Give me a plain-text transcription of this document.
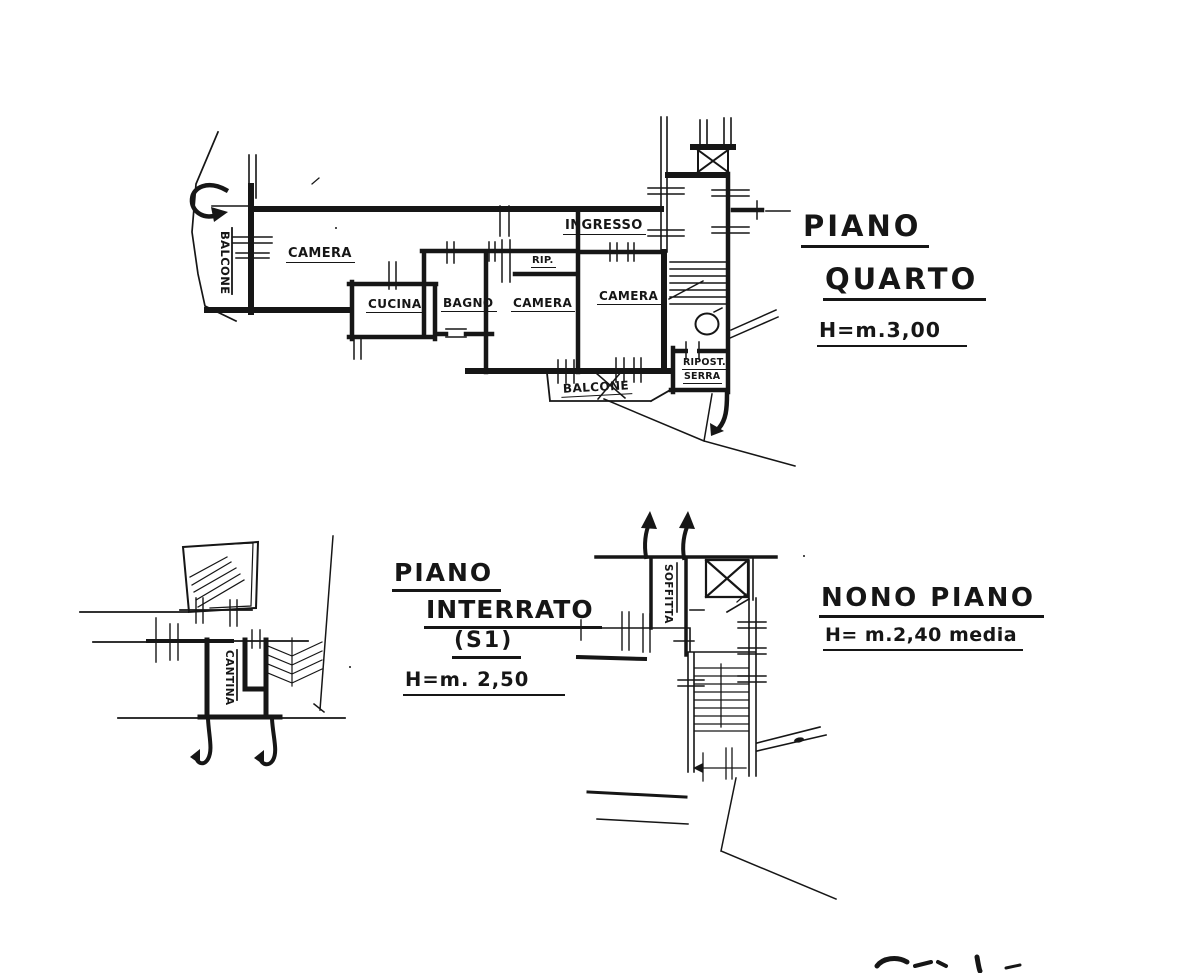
CAMERA
CUCINA BAGNO CAMERA CAMERA
RIP.
INGRESSO
RIPOST.
SERRA
BALCONE
BALCONE
PIANO
QUARTO
H=m.3,00
CANTINA
PIANO
INTERRATO
(S1)
H=m. 2,50
SOFFITTA	NONO PIANO
H= m.2,40 media
